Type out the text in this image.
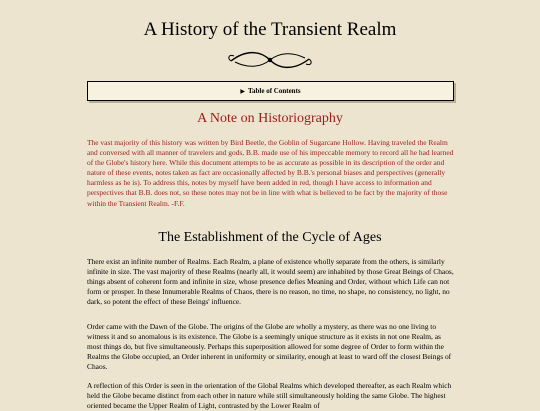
A History of the Transient Realm
▶ Table of Contents
A Note on Historiography

The vast majority of this history was written by Bird Beetle, the Goblin of Sugarcane Hollow. Having traveled the Realm and conversed with all manner of travelers and gods, B.B. made use of his impeccable memory to record all he had learned of the Globe's history here. While this document attempts to be as accurate as possible in its description of the order and nature of these events, notes taken as fact are occasionally affected by B.B.'s personal biases and perspectives (generally harmless as he is). To address this, notes by myself have been added in red, though I have access to information and perspectives that B.B. does not, so these notes may not be in line with what is believed to be fact by the majority of those within the Transient Realm. -F.F.

The Establishment of the Cycle of Ages

There exist an infinite number of Realms. Each Realm, a plane of existence wholly separate from the others, is similarly infinite in size. The vast majority of these Realms (nearly all, it would seem) are inhabited by those Great Beings of Chaos, things absent of coherent form and infinite in size, whose presence defies Meaning and Order, without which Life can not form or prosper. In these Innumerable Realms of Chaos, there is no reason, no time, no shape, no consistency, no light, no dark, so potent the effect of these Beings' influence.

Order came with the Dawn of the Globe. The origins of the Globe are wholly a mystery, as there was no one living to witness it and so anomalous is its existence. The Globe is a seemingly unique structure as it exists in not one Realm, as most things do, but five simultaneously. Perhaps this superposition allowed for some degree of Order to form within the Realms the Globe occupied, an Order inherent in uniformity or similarity, enough at least to ward off the closest Beings of Chaos.

A reflection of this Order is seen in the orientation of the Global Realms which developed thereafter, as each Realm which held the Globe became distinct from each other in nature while still simultaneously holding the same Globe. The highest oriented became the Upper Realm of Light, contrasted by the Lower Realm of
